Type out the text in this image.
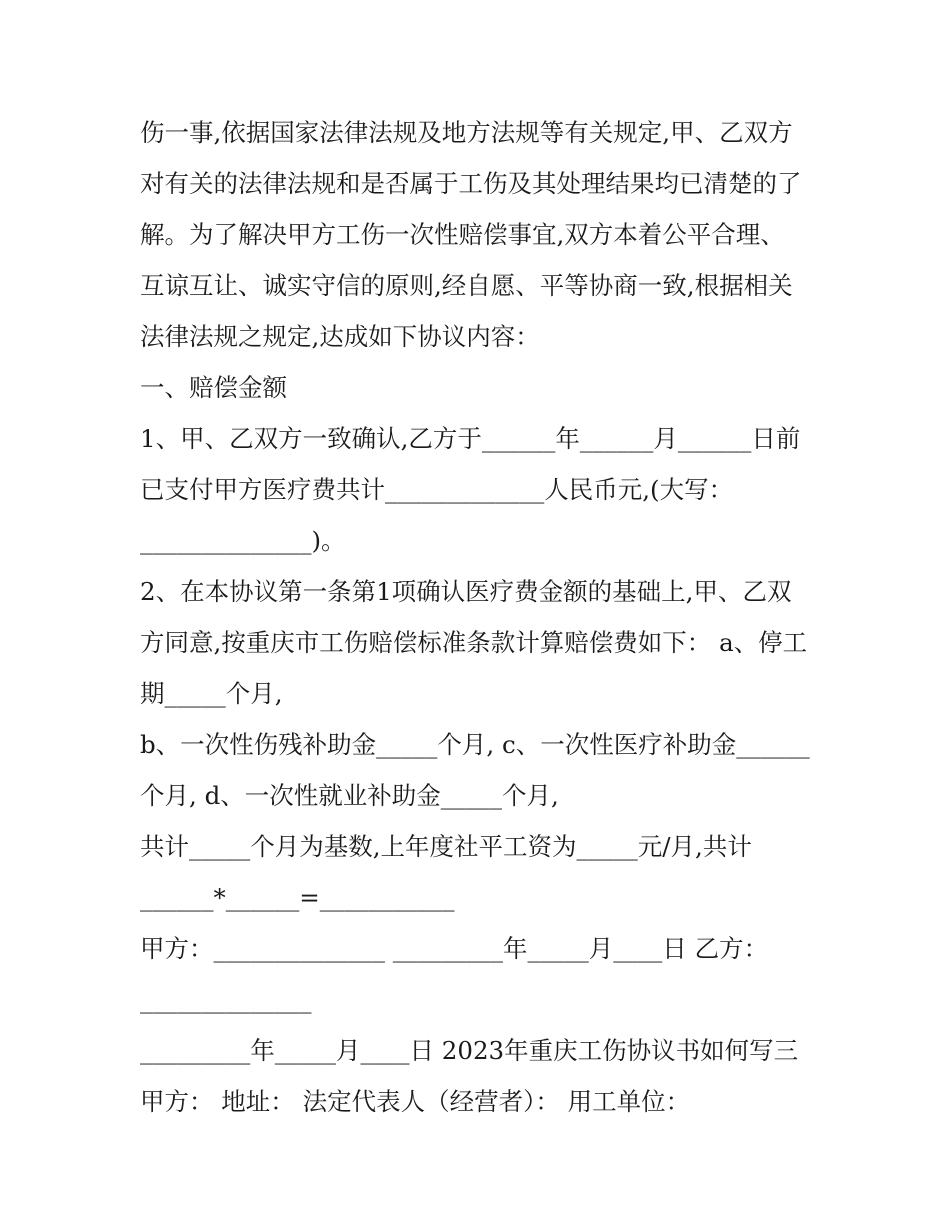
伤一事,依据国家法律法规及地方法规等有关规定,甲、乙双方
对有关的法律法规和是否属于工伤及其处理结果均已清楚的了
解。为了解决甲方工伤一次性赔偿事宜,双方本着公平合理、
互谅互让、诚实守信的原则,经自愿、平等协商一致,根据相关
法律法规之规定,达成如下协议内容：
一、赔偿金额
1、甲、乙双方一致确认,乙方于______年______月______日前
已支付甲方医疗费共计_____________人民币元,(大写：
______________)。
2、在本协议第一条第1项确认医疗费金额的基础上,甲、乙双
方同意,按重庆市工伤赔偿标准条款计算赔偿费如下： a、停工
期_____个月,
b、一次性伤残补助金_____个月, c、一次性医疗补助金______
个月, d、一次性就业补助金_____个月,
共计_____个月为基数,上年度社平工资为_____元/月,共计
______*______=___________
甲方：______________ _________年_____月____日 乙方：
______________
_________年_____月____日 2023年重庆工伤协议书如何写三
甲方： 地址： 法定代表人（经营者）： 用工单位：
